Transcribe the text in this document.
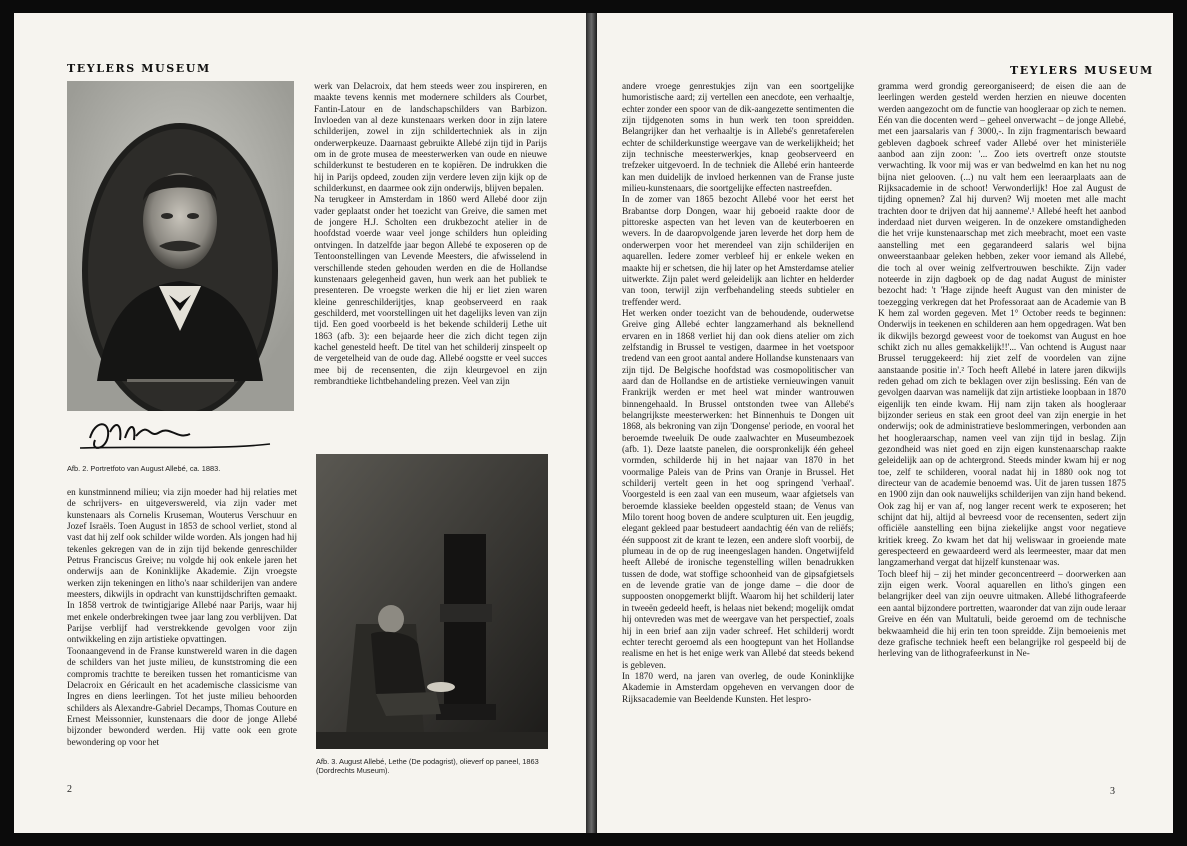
TEYLERS MUSEUM
Afb. 2. Portretfoto van August Allebé, ca. 1883.

werk van Delacroix, dat hem steeds weer zou inspireren, en maakte tevens kennis met modernere schilders als Courbet, Fantin-Latour en de landschapschilders van Barbizon. Invloeden van al deze kunstenaars werken door in zijn latere schilderijen, zowel in zijn schildertechniek als in zijn onderwerpkeuze. Daarnaast gebruikte Allebé zijn tijd in Parijs om in de grote musea de meesterwerken van oude en nieuwe schilderkunst te bestuderen en te kopiëren. De indrukken die hij in Parijs opdeed, zouden zijn verdere leven zijn kijk op de schilderkunst, en daarmee ook zijn onderwijs, blijven bepalen.

Na terugkeer in Amsterdam in 1860 werd Allebé door zijn vader geplaatst onder het toezicht van Greive, die samen met de jongere H.J. Scholten een drukbezocht atelier in de hoofdstad voerde waar veel jonge schilders hun opleiding ontvingen. In datzelfde jaar begon Allebé te exposeren op de Tentoonstellingen van Levende Meesters, die afwisselend in verschillende steden gehouden werden en die de Hollandse kunstenaars gelegenheid gaven, hun werk aan het publiek te presenteren. De vroegste werken die hij er liet zien waren kleine genreschilderijtjes, knap geobserveerd en raak geschilderd, met voorstellingen uit het dagelijks leven van zijn tijd. Een goed voorbeeld is het bekende schilderij Lethe uit 1863 (afb. 3): een bejaarde heer die zich dicht tegen zijn kachel genesteld heeft. De titel van het schilderij zinspeelt op de vergetelheid van de oude dag. Allebé oogstte er veel succes mee bij de recensenten, die zijn kleurgevoel en zijn rembrandtieke lichtbehandeling prezen. Veel van zijn

Afb. 3. August Allebé, Lethe (De podagrist), olieverf op paneel, 1863
(Dordrechts Museum).

en kunstminnend milieu; via zijn moeder had hij relaties met de schrijvers- en uitgeverswereld, via zijn vader met kunstenaars als Cornelis Kruseman, Wouterus Verschuur en Jozef Israëls. Toen August in 1853 de school verliet, stond al vast dat hij zelf ook schilder wilde worden. Als jongen had hij tekenles gekregen van de in zijn tijd bekende genreschilder Petrus Franciscus Greive; nu volgde hij ook enkele jaren het onderwijs aan de Koninklijke Akademie. Zijn vroegste werken zijn tekeningen en litho's naar schilderijen van andere meesters, dikwijls in opdracht van kunsttijdschriften gemaakt. In 1858 vertrok de twintigjarige Allebé naar Parijs, waar hij met enkele onderbrekingen twee jaar lang zou verblijven. Dat Parijse verblijf had verstrekkende gevolgen voor zijn ontwikkeling en zijn artistieke opvattingen.

Toonaangevend in de Franse kunstwereld waren in die dagen de schilders van het juste milieu, de kunststroming die een compromis trachtte te bereiken tussen het romanticisme van Delacroix en Géricault en het academische classicisme van Ingres en diens leerlingen. Tot het juste milieu behoorden schilders als Alexandre-Gabriel Decamps, Thomas Couture en Ernest Meissonnier, kunstenaars die door de jonge Allebé bijzonder bewonderd werden. Hij vatte ook een grote bewondering op voor het

2
TEYLERS MUSEUM

andere vroege genrestukjes zijn van een soortgelijke humoristische aard; zij vertellen een anecdote, een verhaaltje, echter zonder een spoor van de dik-aangezette sentimenten die zijn tijdgenoten soms in hun werk ten toon spreidden. Belangrijker dan het verhaaltje is in Allebé's genretaferelen echter de schilderkunstige weergave van de werkelijkheid; het zijn technische meesterwerkjes, knap geobserveerd en trefzeker uitgevoerd. In de techniek die Allebé erin hanteerde kan men duidelijk de invloed herkennen van de Franse juste milieu-kunstenaars, die soortgelijke effecten nastreefden.

In de zomer van 1865 bezocht Allebé voor het eerst het Brabantse dorp Dongen, waar hij geboeid raakte door de pittoreske aspecten van het leven van de keuterboeren en wevers. In de daaropvolgende jaren leverde het dorp hem de onderwerpen voor het merendeel van zijn schilderijen en aquarellen. Iedere zomer verbleef hij er enkele weken en maakte hij er schetsen, die hij later op het Amsterdamse atelier uitwerkte. Zijn palet werd geleidelijk aan lichter en helderder van toon, terwijl zijn verfbehandeling steeds subtieler en treffender werd.

Het werken onder toezicht van de behoudende, ouderwetse Greive ging Allebé echter langzamerhand als beknellend ervaren en in 1868 verliet hij dan ook diens atelier om zich zelfstandig in Brussel te vestigen, daarmee in het voetspoor tredend van een groot aantal andere Hollandse kunstenaars van zijn tijd. De Belgische hoofdstad was cosmopolitischer van aard dan de Hollandse en de artistieke vernieuwingen vanuit Frankrijk werden er met heel wat minder wantrouwen binnengehaald. In Brussel ontstonden twee van Allebé's belangrijkste meesterwerken: het Binnenhuis te Dongen uit 1868, als bekroning van zijn 'Dongense' periode, en vooral het beroemde tweeluik De oude zaalwachter en Museumbezoek (afb. 1). Deze laatste panelen, die oorspronkelijk één geheel vormden, schilderde hij in het najaar van 1870 in het voormalige Paleis van de Prins van Oranje in Brussel. Het schilderij vertelt geen in het oog springend 'verhaal'. Voorgesteld is een zaal van een museum, waar afgietsels van beroemde klassieke beelden opgesteld staan; de Venus van Milo torent hoog boven de andere sculpturen uit. Een jeugdig, elegant gekleed paar bestudeert aandachtig één van de reliëfs; één suppoost zit de krant te lezen, een andere sloft voorbij, de plumeau in de op de rug ineengeslagen handen. Ongetwijfeld heeft Allebé de ironische tegenstelling willen benadrukken tussen de dode, wat stoffige schoonheid van de gipsafgietsels en de levende gratie van de jonge dame – die door de suppoosten onopgemerkt blijft. Waarom hij het schilderij later in tweeën gedeeld heeft, is helaas niet bekend; mogelijk omdat hij ontevreden was met de weergave van het perspectief, zoals hij in een brief aan zijn vader schreef. Het schilderij wordt echter terecht geroemd als een hoogtepunt van het Hollandse realisme en het is het enige werk van Allebé dat steeds bekend is gebleven.

In 1870 werd, na jaren van overleg, de oude Koninklijke Akademie in Amsterdam opgeheven en vervangen door de Rijksacademie van Beeldende Kunsten. Het lespro-

gramma werd grondig gereorganiseerd; de eisen die aan de leerlingen werden gesteld werden herzien en nieuwe docenten werden aangezocht om de functie van hoogleraar op zich te nemen. Eén van die docenten werd – geheel onverwacht – de jonge Allebé, met een jaarsalaris van ƒ 3000,-. In zijn fragmentarisch bewaard gebleven dagboek schreef vader Allebé over het ministeriële aanbod aan zijn zoon: '... Zoo iets overtreft onze stoutste verwachting. Ik voor mij was er van bedwelmd en kan het nu nog bijna niet gelooven. (...) nu valt hem een leeraarplaats aan de Rijksacademie in de schoot! Verwonderlijk! Hoe zal August de tijding opnemen? Zal hij durven? Wij moeten met alle macht trachten door te drijven dat hij aanneme'.¹ Allebé heeft het aanbod inderdaad niet durven weigeren. In de onzekere omstandigheden die het vrije kunstenaarschap met zich meebracht, moet een vaste aanstelling met een gegarandeerd salaris wel bijna onweerstaanbaar geleken hebben, zeker voor iemand als Allebé, die toch al over weinig zelfvertrouwen beschikte. Zijn vader noteerde in zijn dagboek op de dag nadat August de minister bezocht had: 't 'Hage zijnde heeft August van den minister de toezegging verkregen dat het Professoraat aan de Academie van B K hem zal worden gegeven. Met 1° October reeds te beginnen: Onderwijs in teekenen en schilderen aan hem opgedragen. Wat ben ik dikwijls bezorgd geweest voor de toekomst van August en hoe schikt zich nu alles gemakkelijk!!'... Van ochtend is August naar Brussel teruggekeerd: hij ziet zelf de voordelen van zijne aanstaande positie in'.² Toch heeft Allebé in latere jaren dikwijls reden gehad om zich te beklagen over zijn beslissing. Eén van de gevolgen daarvan was namelijk dat zijn artistieke loopbaan in 1870 eigenlijk ten einde kwam. Hij nam zijn taken als hoogleraar bijzonder serieus en stak een groot deel van zijn energie in het onderwijs; ook de administratieve beslommeringen, verbonden aan het hoogleraarschap, namen veel van zijn tijd in beslag. Zijn gezondheid was niet goed en zijn eigen kunstenaarschap raakte geleidelijk aan op de achtergrond. Steeds minder kwam hij er nog toe, zelf te schilderen, vooral nadat hij in 1880 ook nog tot directeur van de academie benoemd was. Uit de jaren tussen 1875 en 1900 zijn dan ook nauwelijks schilderijen van zijn hand bekend. Ook zag hij er van af, nog langer recent werk te exposeren; het schijnt dat hij, altijd al bevreesd voor de recensenten, sedert zijn officiële aanstelling een bijna ziekelijke angst voor negatieve kritiek kreeg. Zo kwam het dat hij weliswaar in groeiende mate gerespecteerd en gewaardeerd werd als leermeester, maar dat men langzamerhand vergat dat hijzelf kunstenaar was.

Toch bleef hij – zij het minder geconcentreerd – doorwerken aan zijn eigen werk. Vooral aquarellen en litho's gingen een belangrijker deel van zijn oeuvre uitmaken. Allebé lithografeerde een aantal bijzondere portretten, waaronder dat van zijn oude leraar Greive en één van Multatuli, beide geroemd om de technische bekwaamheid die hij erin ten toon spreidde. Zijn bemoeienis met deze grafische techniek heeft een belangrijke rol gespeeld bij de herleving van de lithografeerkunst in Ne-

3
